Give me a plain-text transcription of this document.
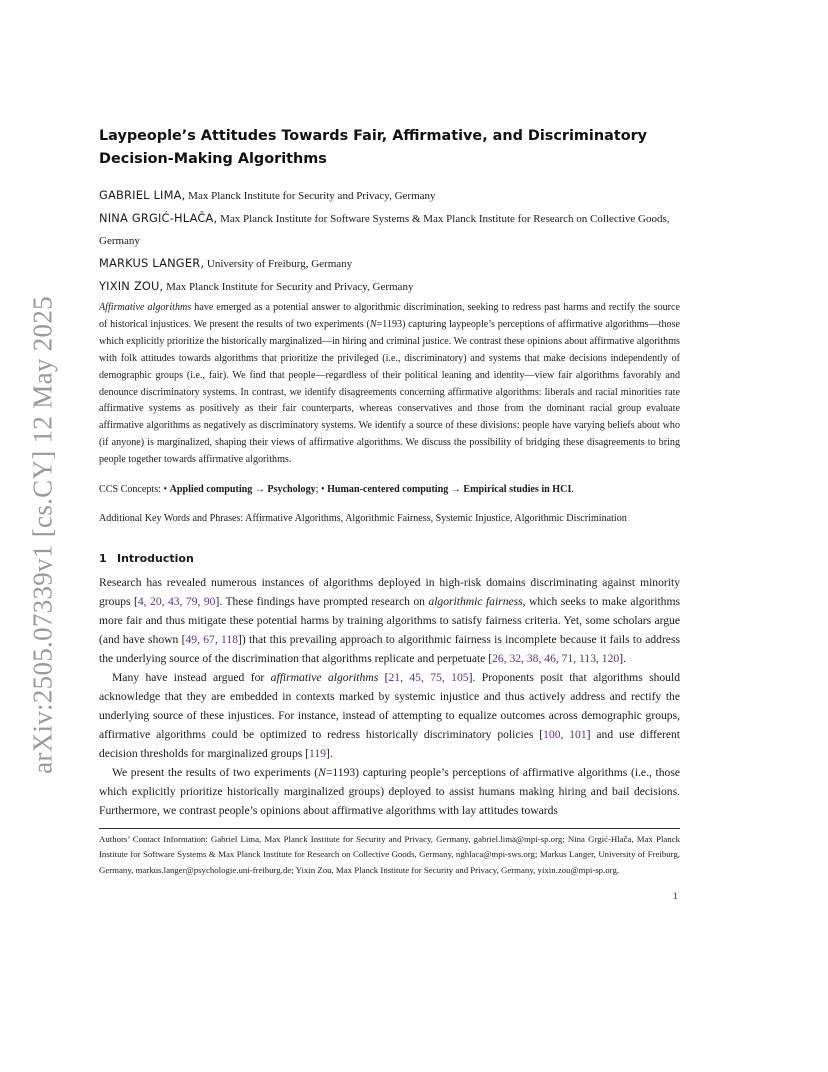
arXiv:2505.07339v1 [cs.CY] 12 May 2025
Laypeople’s Attitudes Towards Fair, Affirmative, and Discriminatory
Decision-Making Algorithms
GABRIEL LIMA, Max Planck Institute for Security and Privacy, Germany
NINA GRGIĆ-HLAČA, Max Planck Institute for Software Systems & Max Planck Institute for Research on Collective Goods, Germany
MARKUS LANGER, University of Freiburg, Germany
YIXIN ZOU, Max Planck Institute for Security and Privacy, Germany
Affirmative algorithms have emerged as a potential answer to algorithmic discrimination, seeking to redress past harms and rectify the source of historical injustices. We present the results of two experiments (N=1193) capturing laypeople’s perceptions of affirmative algorithms—those which explicitly prioritize the historically marginalized—in hiring and criminal justice. We contrast these opinions about affirmative algorithms with folk attitudes towards algorithms that prioritize the privileged (i.e., discriminatory) and systems that make decisions independently of demographic groups (i.e., fair). We find that people—regardless of their political leaning and identity—view fair algorithms favorably and denounce discriminatory systems. In contrast, we identify disagreements concerning affirmative algorithms: liberals and racial minorities rate affirmative systems as positively as their fair counterparts, whereas conservatives and those from the dominant racial group evaluate affirmative algorithms as negatively as discriminatory systems. We identify a source of these divisions: people have varying beliefs about who (if anyone) is marginalized, shaping their views of affirmative algorithms. We discuss the possibility of bridging these disagreements to bring people together towards affirmative algorithms.
CCS Concepts: • Applied computing → Psychology; • Human-centered computing → Empirical studies in HCI.
Additional Key Words and Phrases: Affirmative Algorithms, Algorithmic Fairness, Systemic Injustice, Algorithmic Discrimination
1 Introduction

Research has revealed numerous instances of algorithms deployed in high-risk domains discriminating against minority groups [4, 20, 43, 79, 90]. These findings have prompted research on algorithmic fairness, which seeks to make algorithms more fair and thus mitigate these potential harms by training algorithms to satisfy fairness criteria. Yet, some scholars argue (and have shown [49, 67, 118]) that this prevailing approach to algorithmic fairness is incomplete because it fails to address the underlying source of the discrimination that algorithms replicate and perpetuate [26, 32, 38, 46, 71, 113, 120].

Many have instead argued for affirmative algorithms [21, 45, 75, 105]. Proponents posit that algorithms should acknowledge that they are embedded in contexts marked by systemic injustice and thus actively address and rectify the underlying source of these injustices. For instance, instead of attempting to equalize outcomes across demographic groups, affirmative algorithms could be optimized to redress historically discriminatory policies [100, 101] and use different decision thresholds for marginalized groups [119].

We present the results of two experiments (N=1193) capturing people’s perceptions of affirmative algorithms (i.e., those which explicitly prioritize historically marginalized groups) deployed to assist humans making hiring and bail decisions. Furthermore, we contrast people’s opinions about affirmative algorithms with lay attitudes towards

Authors’ Contact Information: Gabriel Lima, Max Planck Institute for Security and Privacy, Germany, gabriel.lima@mpi-sp.org; Nina Grgić-Hlača, Max Planck Institute for Software Systems & Max Planck Institute for Research on Collective Goods, Germany, nghlaca@mpi-sws.org; Markus Langer, University of Freiburg, Germany, markus.langer@psychologie.uni-freiburg.de; Yixin Zou, Max Planck Institute for Security and Privacy, Germany, yixin.zou@mpi-sp.org.
1
